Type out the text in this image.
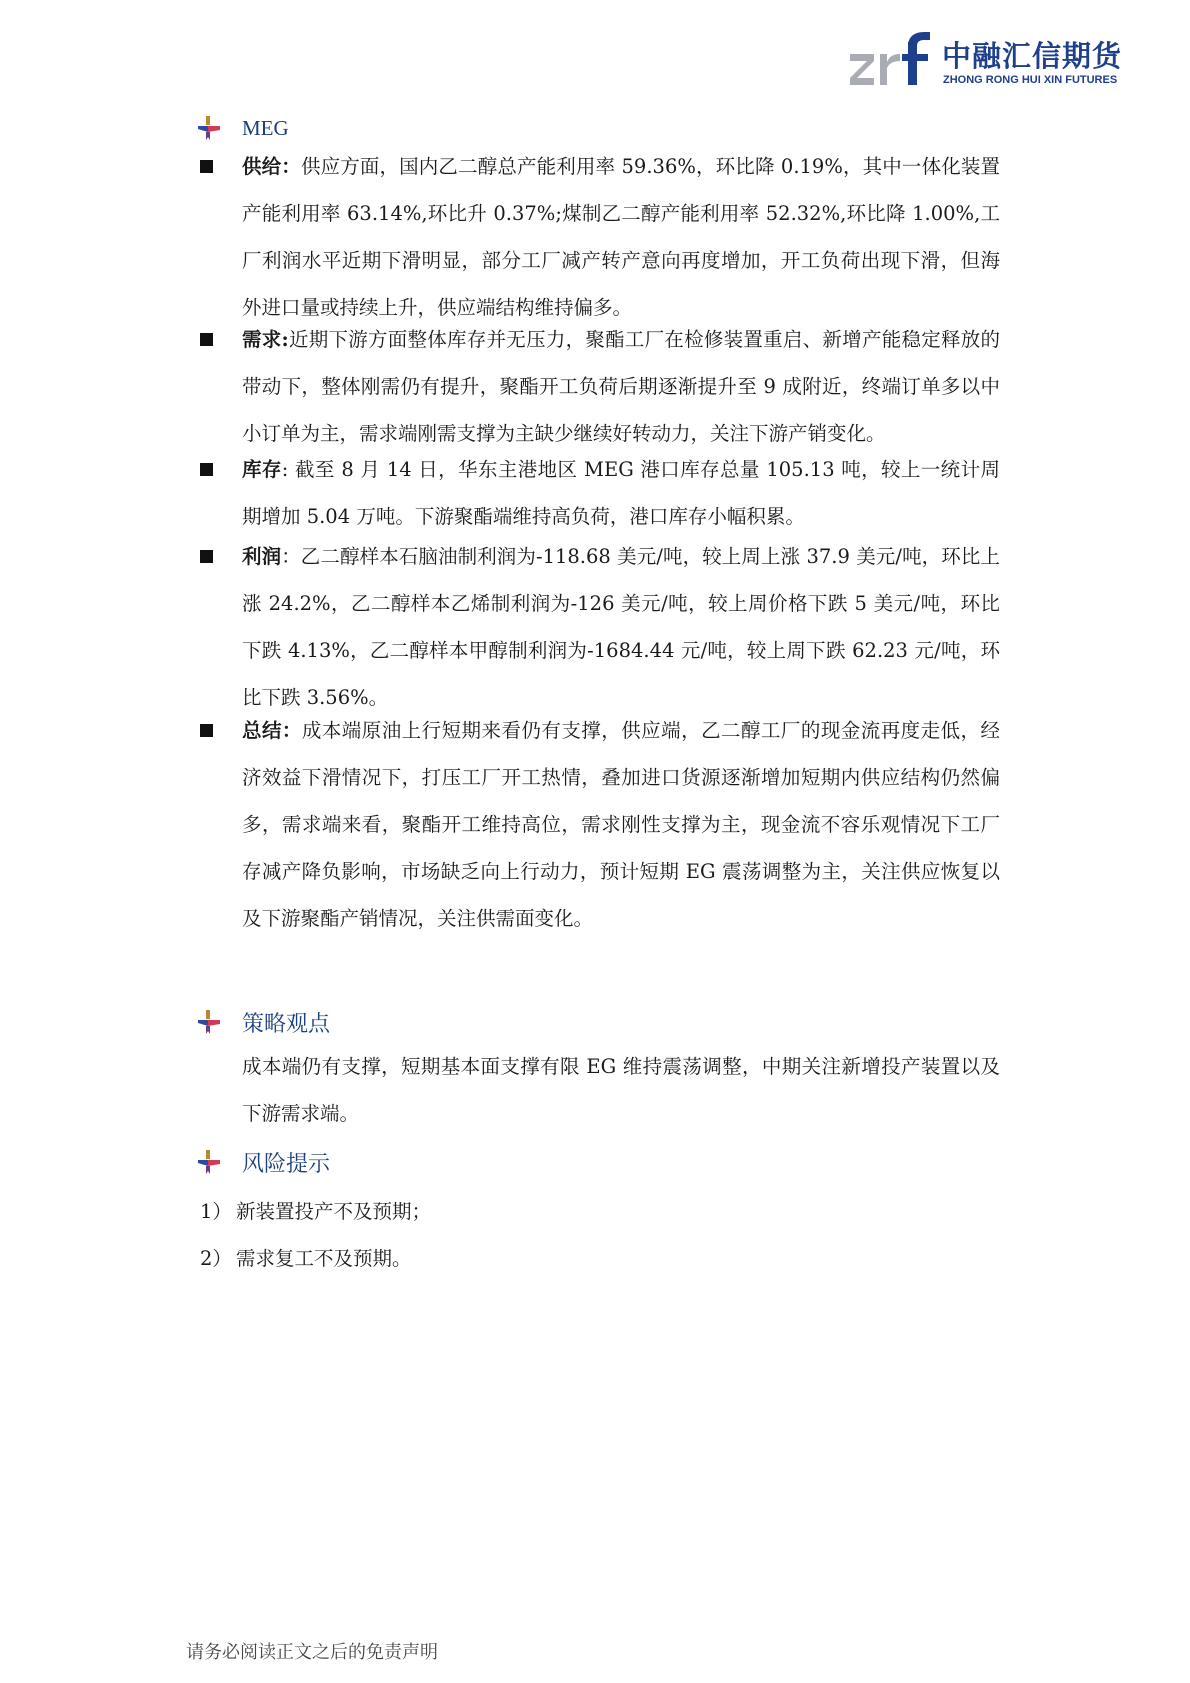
中融汇信期货
ZHONG RONG HUI XIN FUTURES
MEG
供给：供应方面，国内乙二醇总产能利用率 59.36%，环比降 0.19%，其中一体化装置产能利用率 63.14%,环比升 0.37%;煤制乙二醇产能利用率 52.32%,环比降 1.00%,工厂利润水平近期下滑明显，部分工厂减产转产意向再度增加，开工负荷出现下滑，但海外进口量或持续上升，供应端结构维持偏多。
需求:近期下游方面整体库存并无压力，聚酯工厂在检修装置重启、新增产能稳定释放的带动下，整体刚需仍有提升，聚酯开工负荷后期逐渐提升至 9 成附近，终端订单多以中小订单为主，需求端刚需支撑为主缺少继续好转动力，关注下游产销变化。
库存: 截至 8 月 14 日，华东主港地区 MEG 港口库存总量 105.13 吨，较上一统计周期增加 5.04 万吨。下游聚酯端维持高负荷，港口库存小幅积累。
利润：乙二醇样本石脑油制利润为-118.68 美元/吨，较上周上涨 37.9 美元/吨，环比上涨 24.2%，乙二醇样本乙烯制利润为-126 美元/吨，较上周价格下跌 5 美元/吨，环比下跌 4.13%，乙二醇样本甲醇制利润为-1684.44 元/吨，较上周下跌 62.23 元/吨，环比下跌 3.56%。
总结：成本端原油上行短期来看仍有支撑，供应端，乙二醇工厂的现金流再度走低，经济效益下滑情况下，打压工厂开工热情，叠加进口货源逐渐增加短期内供应结构仍然偏多，需求端来看，聚酯开工维持高位，需求刚性支撑为主，现金流不容乐观情况下工厂存减产降负影响，市场缺乏向上行动力，预计短期 EG 震荡调整为主，关注供应恢复以及下游聚酯产销情况，关注供需面变化。
策略观点
成本端仍有支撑，短期基本面支撑有限 EG 维持震荡调整，中期关注新增投产装置以及下游需求端。
风险提示
1） 新装置投产不及预期；
2） 需求复工不及预期。
请务必阅读正文之后的免责声明
